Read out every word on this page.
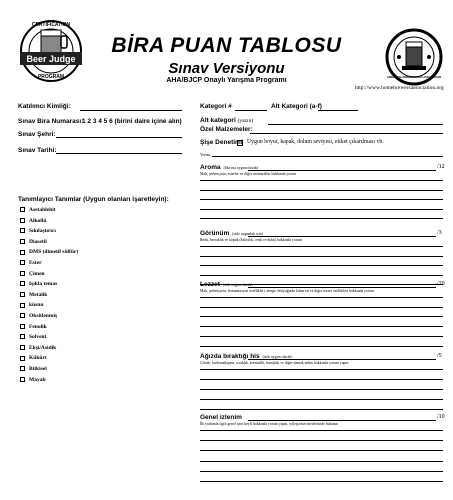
Beer Judge
CERTIFICATION
PROGRAM	AMERICAN HOMEBREWERS ASSOCIATION
BİRA PUAN TABLOSU
Sınav Versiyonu
AHA/BJCP Onaylı Yarışma Programı
http://www.homebrewersassociation.org
Katılımcı Kimliği:
Sınav Bira Numarası:
1 2 3 4 5 6 (birini daire içine alın)
Sınav Şehri:
Sınav Tarihi:
Kategori #	Alt Kategori (a-f)
Alt kategori (yazın)
Özel Malzemeler:
Şişe Denetimi Uygun boyut, kapak, dolum seviyesi, etiket çıkarılması vb.
Yorum
Tanımlayıcı Tanımlar (Uygun olanları işaretleyin):
Asetaldehit
Alkollü
Sıkılaştırıcı
Diasetil
DMS (dimetil sülfür)
Ester
Çimen
Işıkla temas
Metalik
küsnu
Oksitlenmiş
Fenolik
Solvent
Ekşi/Asidik
Kükürt
Bitkisel
Mayalı
Aroma (bkz:ma uygun olarak)	/12
Malt, şerbetçiotu, esterler ve diğer aromatikler hakkında yorum
Görünüm (stile uygunluk için)	/3
Renk, berraklık ve köpük (kalıcılık, renk ve doku) hakkında yorum
Lezzet (stile uygun olarak)	/20
Malt, şerbetçiotu, fermantasyon özellikleri, denge, bitiş/ağızda kalan tat ve diğer lezzet özellikleri hakkında yorum
Ağızda bıraktığı his (stile uygun olarak)	/5
Gövde, karbonatlaşma, sıcaklık, kremsilik, buruşluk ve diğer damak tadını hakkında yorum yapın
Genel izlenim	/10
İlk yudumla ilgili genel içim keyfi hakkında yorum yapın, iyileştirme önerilerinde bulunun
